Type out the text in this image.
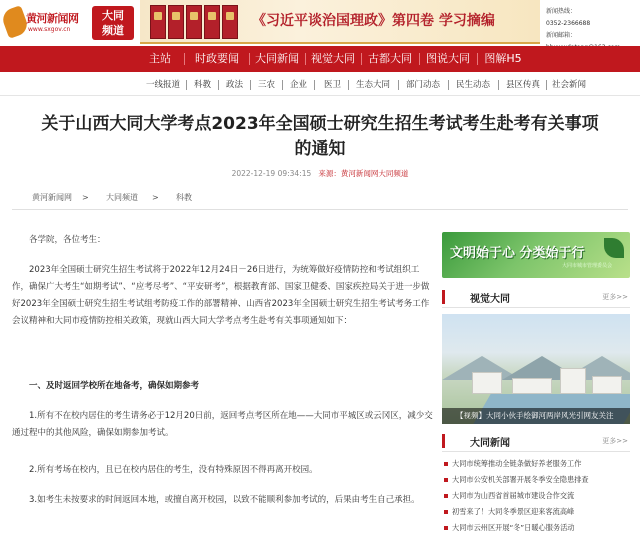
黄河新闻网
www.sxgov.cn
大同
频道
《习近平谈治国理政》第四卷 学习摘编
新闻热线：
0352-2366688
新闻邮箱：
主站	时政要闻	大同新闻 视觉大同	古都大同	图说大同	图解H5
一线报道 科教 政法 三农 企业 医卫 生态大同 部门动态 民生动态 县区传真 社会新闻
关于山西大同大学考点2023年全国硕士研究生招生考试考生赴考有关事项
的通知
2022-12-19 09:34:15 来源：黄河新闻网大同频道
黄河新闻网 > 大同频道 > 科教

各学院，各位考生：

2023年全国硕士研究生招生考试将于2022年12月24日－26日进行，为统筹做好疫情防控和考试组织工作，确保广大考生“如期考试”、“应考尽考”、“平安研考”，根据教育部、国家卫健委、国家疾控局关于进一步做好2023年全国硕士研究生招生考试组考防疫工作的部署精神、山西省2023年全国硕士研究生招生考试考务工作会议精神和大同市疫情防控相关政策，现就山西大同大学考点考生赴考有关事项通知如下：

一、及时返回学校所在地备考，确保如期参考

1.所有不在校内居住的考生请务必于12月20日前，返回考点考区所在地——大同市平城区或云冈区，减少交通过程中的其他风险，确保如期参加考试。

2.所有考场在校内，且已在校内居住的考生，没有特殊原因不得再离开校园。

3.如考生未按要求的时间返回本地，或擅自离开校园，以致不能顺利参加考试的，后果由考生自己承担。

文明始于心 分类始于行
大同市城市管理委员会
视觉大同	更多>>
【视频】大同小伙手绘御河两岸风光引网友关注
大同新闻	更多>>
大同市统筹推动全链条做好养老服务工作
大同市公安机关部署开展冬季安全隐患排查
大同市为山西省首届城市建设合作交流
初雪来了！大同冬季景区迎来客流高峰
大同市云州区开展“冬”日暖心服务活动
